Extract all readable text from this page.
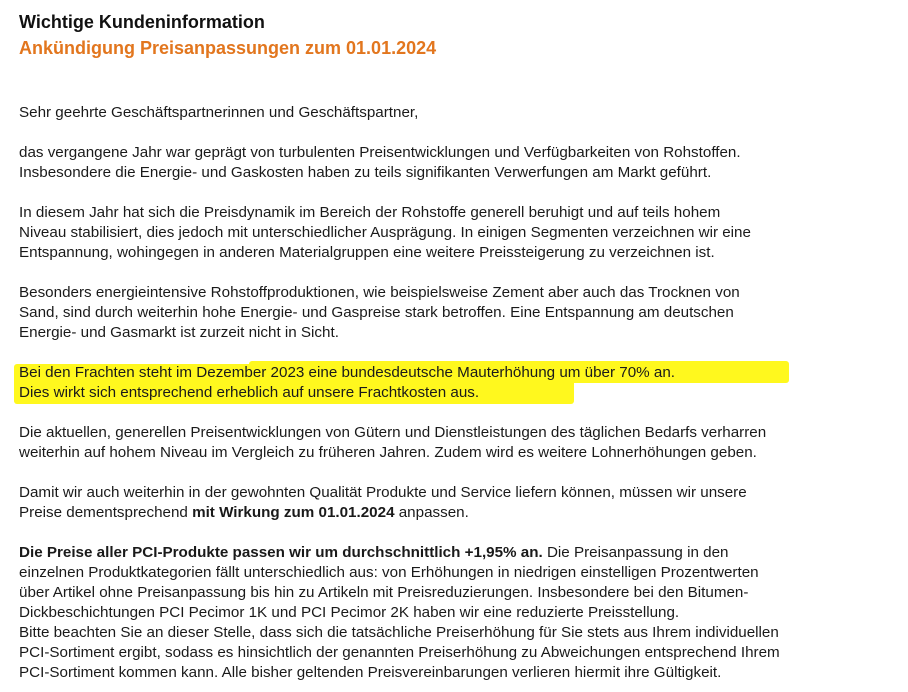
Wichtige Kundeninformation
Ankündigung Preisanpassungen zum 01.01.2024

Sehr geehrte Geschäftspartnerinnen und Geschäftspartner,

das vergangene Jahr war geprägt von turbulenten Preisentwicklungen und Verfügbarkeiten von Rohstoffen.
Insbesondere die Energie- und Gaskosten haben zu teils signifikanten Verwerfungen am Markt geführt.

In diesem Jahr hat sich die Preisdynamik im Bereich der Rohstoffe generell beruhigt und auf teils hohem
Niveau stabilisiert, dies jedoch mit unterschiedlicher Ausprägung. In einigen Segmenten verzeichnen wir eine
Entspannung, wohingegen in anderen Materialgruppen eine weitere Preissteigerung zu verzeichnen ist.

Besonders energieintensive Rohstoffproduktionen, wie beispielsweise Zement aber auch das Trocknen von
Sand, sind durch weiterhin hohe Energie- und Gaspreise stark betroffen. Eine Entspannung am deutschen
Energie- und Gasmarkt ist zurzeit nicht in Sicht.

Bei den Frachten steht im Dezember 2023 eine bundesdeutsche Mauterhöhung um über 70% an.
Dies wirkt sich entsprechend erheblich auf unsere Frachtkosten aus.

Die aktuellen, generellen Preisentwicklungen von Gütern und Dienstleistungen des täglichen Bedarfs verharren
weiterhin auf hohem Niveau im Vergleich zu früheren Jahren. Zudem wird es weitere Lohnerhöhungen geben.

Damit wir auch weiterhin in der gewohnten Qualität Produkte und Service liefern können, müssen wir unsere
Preise dementsprechend mit Wirkung zum 01.01.2024 anpassen.

Die Preise aller PCI-Produkte passen wir um durchschnittlich +1,95% an. Die Preisanpassung in den
einzelnen Produktkategorien fällt unterschiedlich aus: von Erhöhungen in niedrigen einstelligen Prozentwerten
über Artikel ohne Preisanpassung bis hin zu Artikeln mit Preisreduzierungen. Insbesondere bei den Bitumen-
Dickbeschichtungen PCI Pecimor 1K und PCI Pecimor 2K haben wir eine reduzierte Preisstellung.
Bitte beachten Sie an dieser Stelle, dass sich die tatsächliche Preiserhöhung für Sie stets aus Ihrem individuellen
PCI-Sortiment ergibt, sodass es hinsichtlich der genannten Preiserhöhung zu Abweichungen entsprechend Ihrem
PCI-Sortiment kommen kann. Alle bisher geltenden Preisvereinbarungen verlieren hiermit ihre Gültigkeit.
